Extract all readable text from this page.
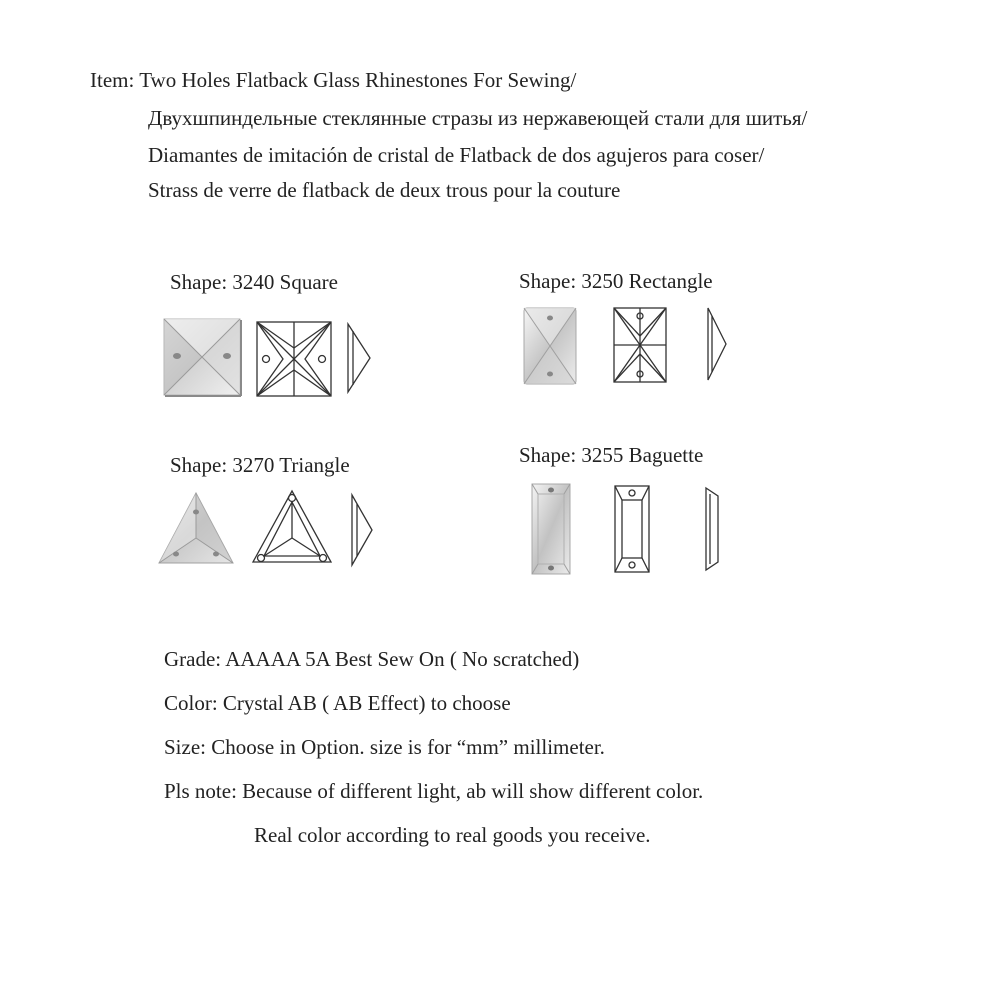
Item: Two Holes Flatback Glass Rhinestones For Sewing/
Двухшпиндельные стеклянные стразы из нержавеющей стали для шитья/
Diamantes de imitación de cristal de Flatback de dos agujeros para coser/
Strass de verre de flatback de deux trous pour la couture
Shape: 3240 Square	Shape: 3250 Rectangle
Shape: 3270 Triangle	Shape: 3255 Baguette
Grade: AAAAA 5A Best Sew On ( No scratched)
Color: Crystal AB ( AB Effect) to choose
Size: Choose in Option. size is for “mm” millimeter.
Pls note: Because of different light, ab will show different color.
Real color according to real goods you receive.
